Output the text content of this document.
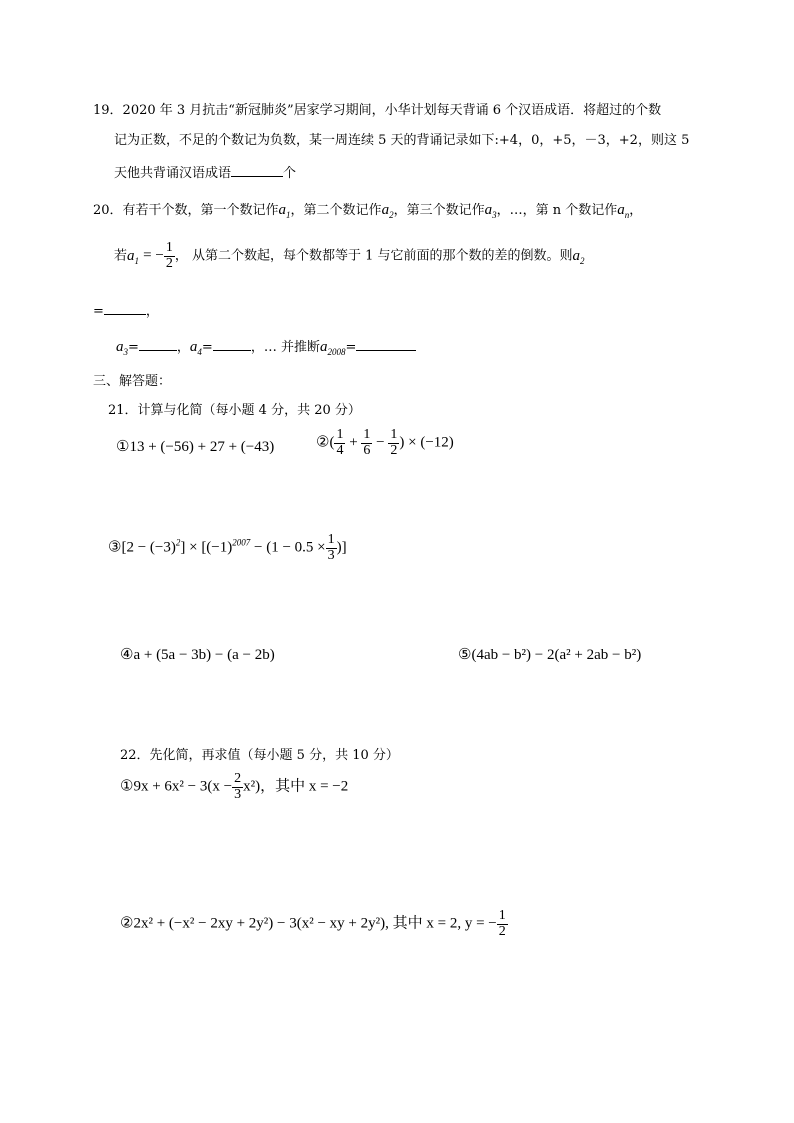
19．2020 年 3 月抗击“新冠肺炎”居家学习期间，小华计划每天背诵 6 个汉语成语．将超过的个数
记为正数，不足的个数记为负数，某一周连续 5 天的背诵记录如下:+4，0，+5，－3，+2，则这 5
天他共背诵汉语成语	个
20．有若干个数，第一个数记作$a_1$，第二个数记作$a_2$，第三个数记作$a_3$，…，第 n 个数记作$a_n$，
若$a_1$ = − $\frac{1}{2}$ ， 从第二个数起，每个数都等于 1 与它前面的那个数的差的倒数。则$a_2$
=	，
$a_3=$	，$a_4=$	，… 并推断$a_{2008}=$
三、解答题：
21．计算与化简（每小题 4 分，共 20 分）
①13 + (−56) + 27 + (−43)	②( $\frac{1}{4} + \frac{1}{6} - \frac{1}{2}$ ) × (−12)
③[2 − $(-3)^2] \times [(-1)^{2007} - (1 - 0.5 \times \frac{1}{3}$ )]
④a + (5a − 3b) − (a − 2b)	⑤(4ab − b²) − 2(a² + 2ab − b²)
22．先化简，再求值（每小题 5 分，共 10 分）
①9x + $6x^2 - 3(x - \frac{2}{3} x^2)$，其中 x = −2
②2x² + (−x² − 2xy + 2y²) − 3(x² − xy + 2y²), 其中 x = 2, y = − $\frac{1}{2}$
